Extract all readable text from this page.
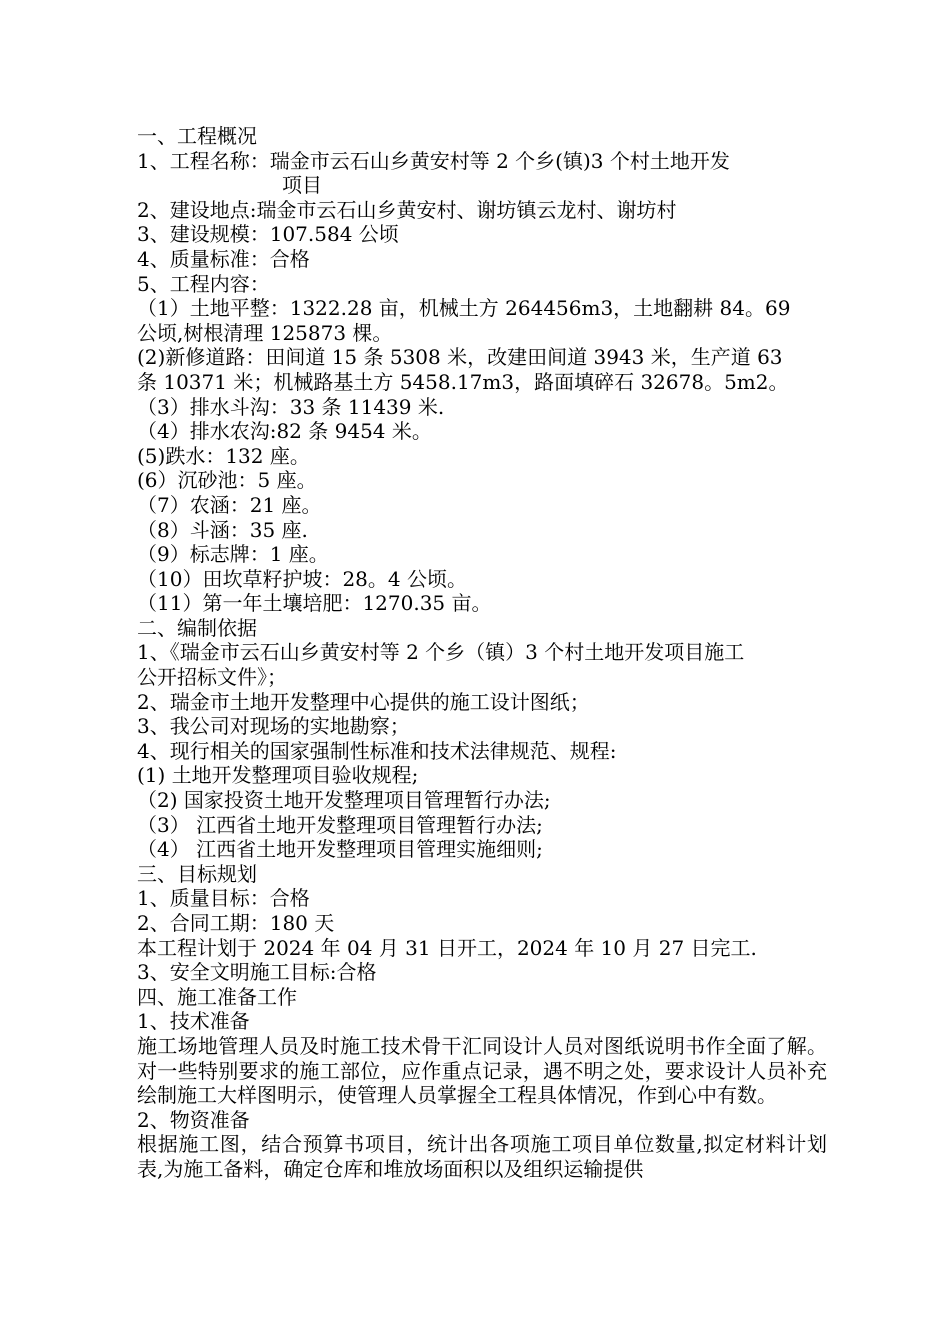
一、工程概况
1、工程名称：瑞金市云石山乡黄安村等 2 个乡(镇)3 个村土地开发
项目
2、建设地点:瑞金市云石山乡黄安村、谢坊镇云龙村、谢坊村
3、建设规模：107.584 公顷
4、质量标准：合格
5、工程内容：
（1）土地平整：1322.28 亩，机械土方 264456m3，土地翻耕 84。69
公顷,树根清理 125873 棵。
(2)新修道路：田间道 15 条 5308 米，改建田间道 3943 米，生产道 63
条 10371 米；机械路基土方 5458.17m3，路面填碎石 32678。5m2。
（3）排水斗沟：33 条 11439 米.
（4）排水农沟:82 条 9454 米。
(5)跌水：132 座。
(6）沉砂池：5 座。
（7）农涵：21 座。
（8）斗涵：35 座.
（9）标志牌：1 座。
（10）田坎草籽护坡：28。4 公顷。
（11）第一年土壤培肥：1270.35 亩。
二、编制依据
1、《瑞金市云石山乡黄安村等 2 个乡（镇）3 个村土地开发项目施工
公开招标文件》；
2、瑞金市土地开发整理中心提供的施工设计图纸；
3、我公司对现场的实地勘察；
4、现行相关的国家强制性标准和技术法律规范、规程:
(1) 土地开发整理项目验收规程;
（2) 国家投资土地开发整理项目管理暂行办法;
（3） 江西省土地开发整理项目管理暂行办法;
（4） 江西省土地开发整理项目管理实施细则;
三、目标规划
1、质量目标：合格
2、合同工期：180 天
本工程计划于 2024 年 04 月 31 日开工，2024 年 10 月 27 日完工.
3、安全文明施工目标:合格
四、施工准备工作
1、技术准备
施工场地管理人员及时施工技术骨干汇同设计人员对图纸说明书作全面了解。对一些特别要求的施工部位，应作重点记录，遇不明之处，要求设计人员补充绘制施工大样图明示，使管理人员掌握全工程具体情况，作到心中有数。
2、物资准备
根据施工图，结合预算书项目，统计出各项施工项目单位数量,拟定材料计划表,为施工备料，确定仓库和堆放场面积以及组织运输提供
